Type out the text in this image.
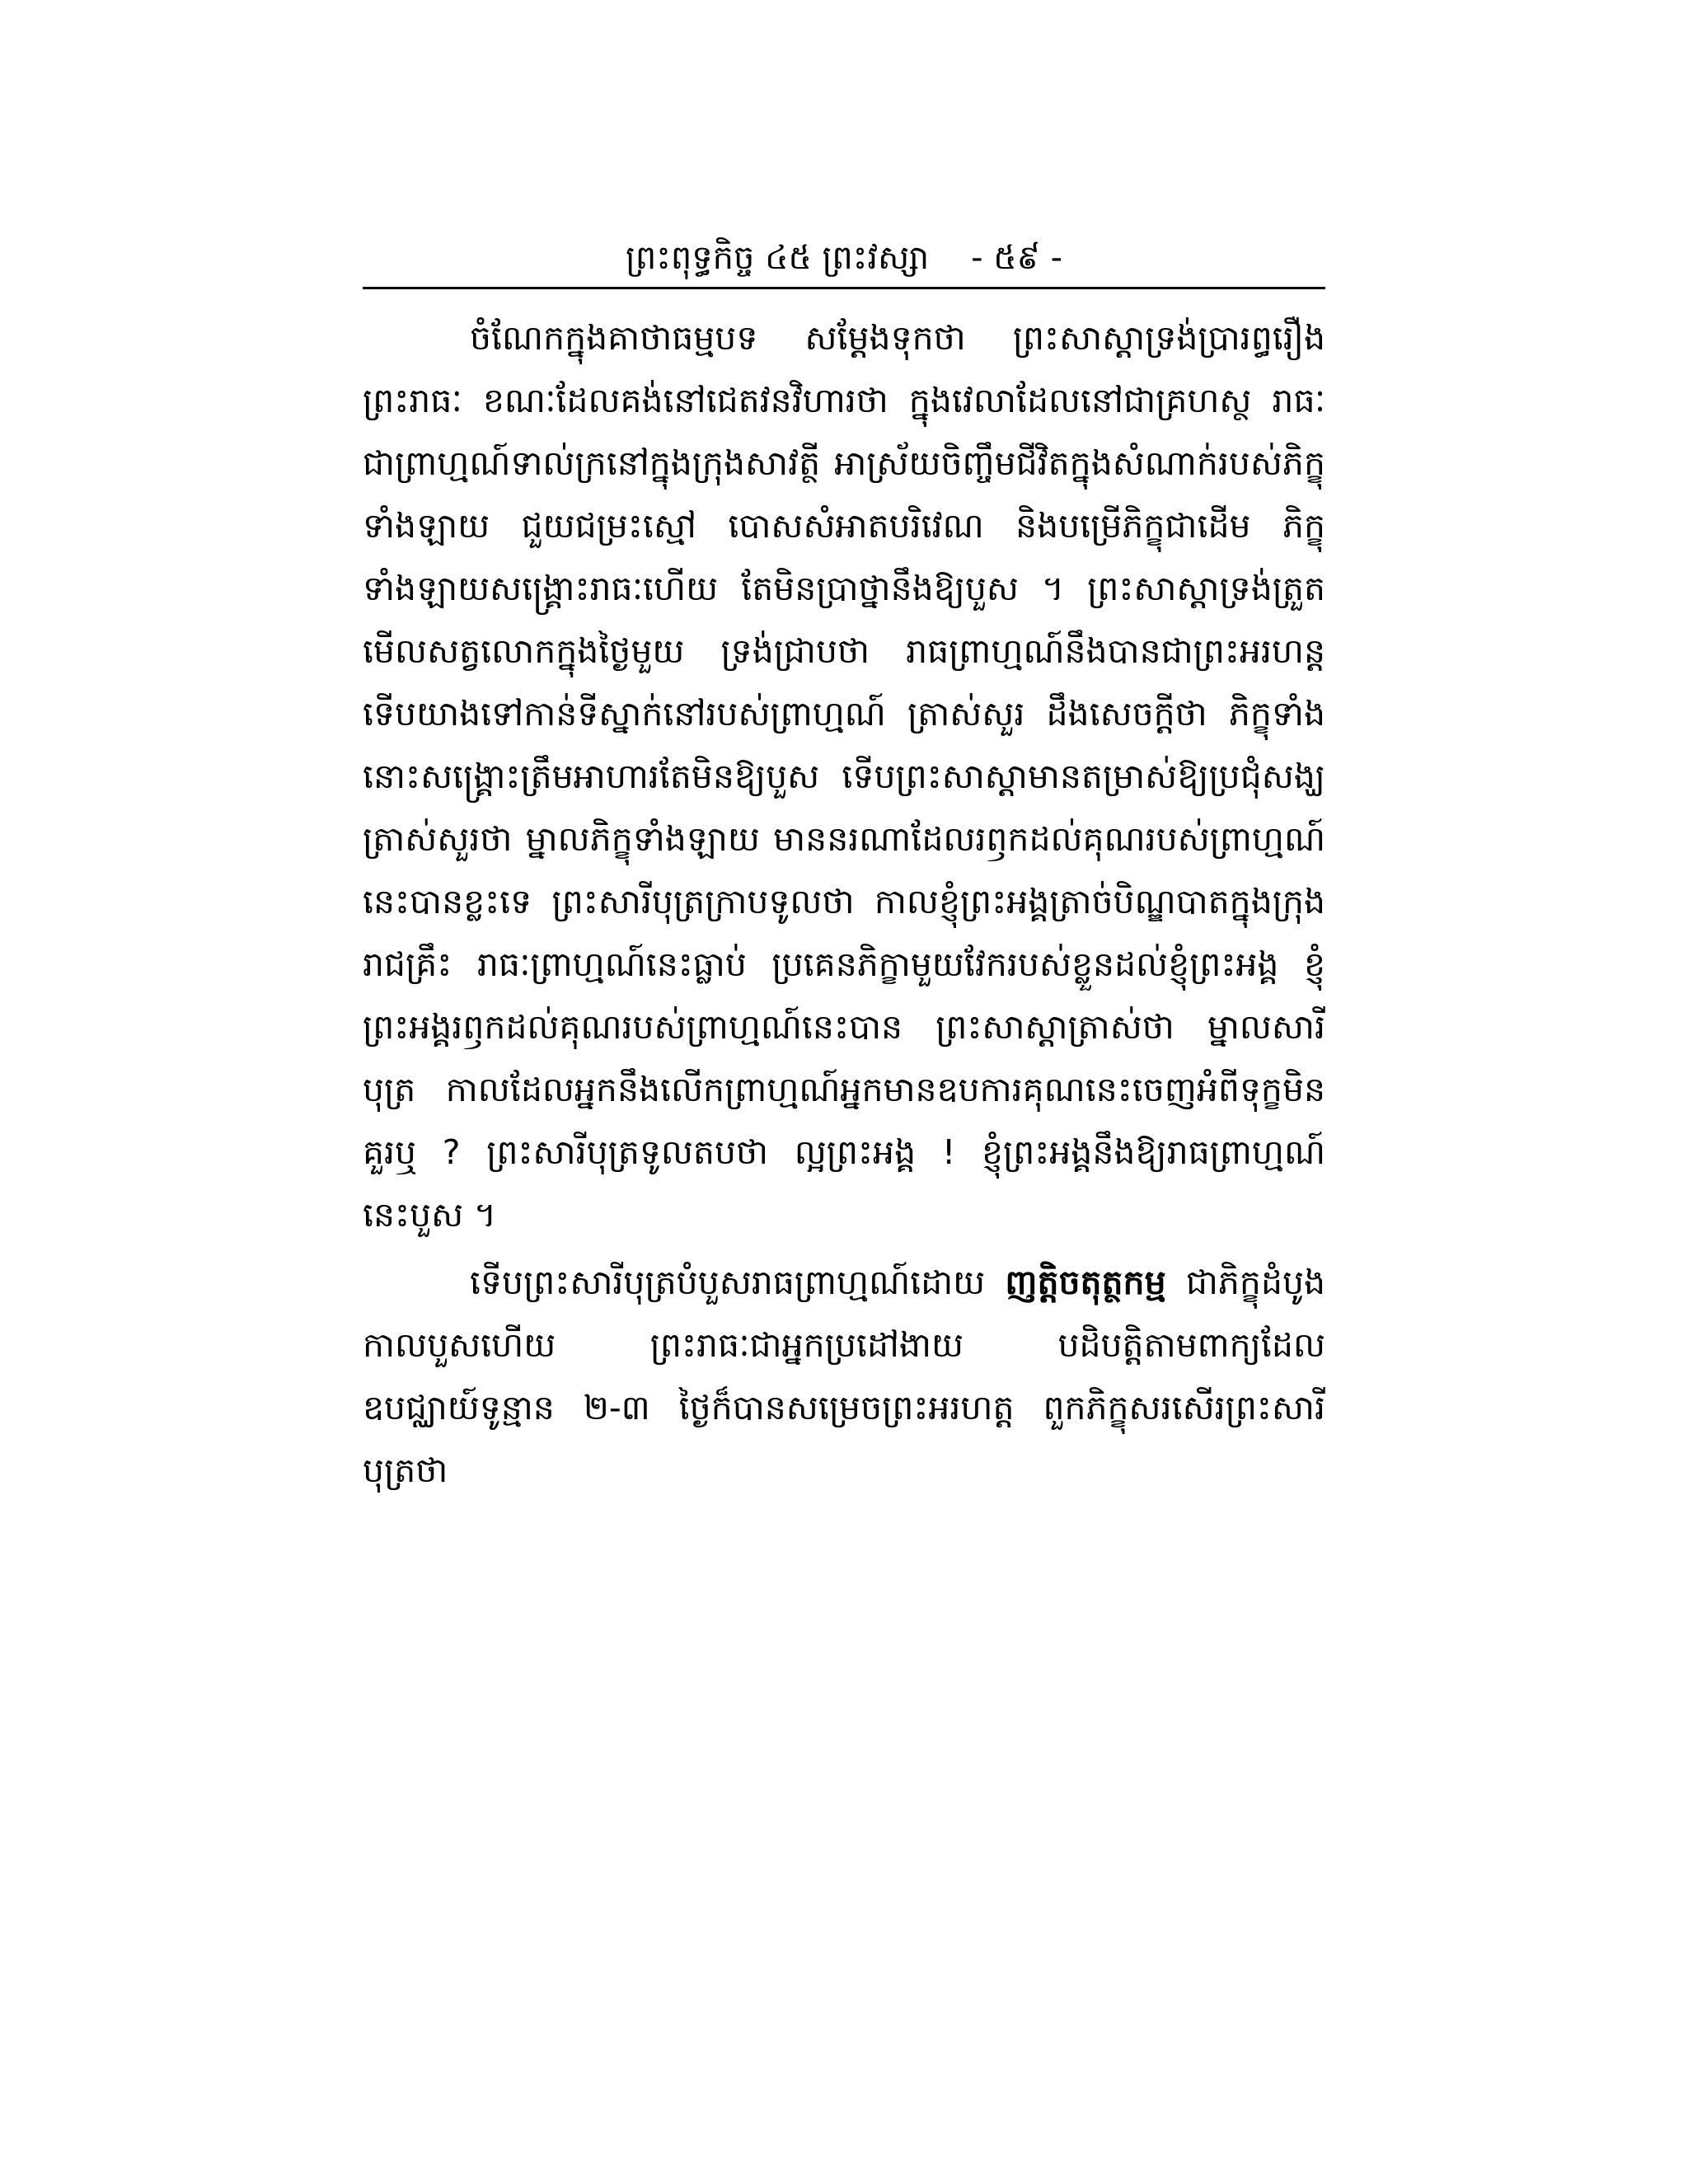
ព្រះពុទ្ធកិច្ច ៤៥ ព្រះវស្សា - ៥៩ -

ចំណែកក្នុងគាថាធម្មបទ សម្ដែងទុកថា ព្រះសាស្ដាទ្រង់ប្រារព្ធរឿងព្រះរាធៈ ខណៈដែលគង់នៅជេតវនវិហារថា ក្នុងវេលាដែលនៅជាគ្រហស្ថ រាធៈជាព្រាហ្មណ៍ទាល់ក្រនៅក្នុងក្រុងសាវត្ថី អាស្រ័យចិញ្ចឹមជីវិតក្នុងសំណាក់របស់ភិក្ខុទាំងឡាយ ជួយជម្រះស្មៅ បោសសំអាតបរិវេណ និងបម្រើភិក្ខុជាដើម ភិក្ខុទាំងឡាយសង្គ្រោះរាធៈហើយ តែមិនប្រាថ្នានឹងឱ្យបួស ។ ព្រះសាស្ដាទ្រង់ត្រួតមើលសត្វលោកក្នុងថ្ងៃមួយ ទ្រង់ជ្រាបថា រាធព្រាហ្មណ៍នឹងបានជាព្រះអរហន្ត ទើបយាងទៅកាន់ទីស្នាក់នៅរបស់ព្រាហ្មណ៍ ត្រាស់សួរ ដឹងសេចក្ដីថា ភិក្ខុទាំងនោះសង្គ្រោះត្រឹមអាហារតែមិនឱ្យបួស ទើបព្រះសាស្ដាមានតម្រាស់ឱ្យប្រជុំសង្ឃ ត្រាស់សួរថា ម្នាលភិក្ខុទាំងឡាយ មាននរណាដែលរឭកដល់គុណរបស់ព្រាហ្មណ៍នេះបានខ្លះទេ ព្រះសារីបុត្រក្រាបទូលថា កាលខ្ញុំព្រះអង្គត្រាច់បិណ្ឌបាតក្នុងក្រុងរាជគ្រឹះ រាធៈព្រាហ្មណ៍នេះធ្លាប់ ប្រគេនភិក្ខាមួយវែករបស់ខ្លួនដល់ខ្ញុំព្រះអង្គ ខ្ញុំព្រះអង្គរឭកដល់គុណរបស់ព្រាហ្មណ៍នេះបាន ព្រះសាស្ដាត្រាស់ថា ម្នាលសារីបុត្រ កាលដែលអ្នកនឹងលើកព្រាហ្មណ៍អ្នកមានឧបការគុណនេះចេញអំពីទុក្ខមិនគួរឬ ? ព្រះសារីបុត្រទូលតបថា ល្អព្រះអង្គ ! ខ្ញុំព្រះអង្គនឹងឱ្យរាធព្រាហ្មណ៍នេះបួស ។

ទើបព្រះសារីបុត្របំបួសរាធព្រាហ្មណ៍ដោយ ញត្តិចតុត្ថកម្ម ជាភិក្ខុដំបូង កាលបួសហើយ ព្រះរាធៈជាអ្នកប្រដៅងាយ បដិបត្តិតាមពាក្យដែលឧបជ្ឈាយ៍ទូន្មាន ២-៣ ថ្ងៃក៏បានសម្រេចព្រះអរហត្ត ពួកភិក្ខុសរសើរព្រះសារីបុត្រថា
